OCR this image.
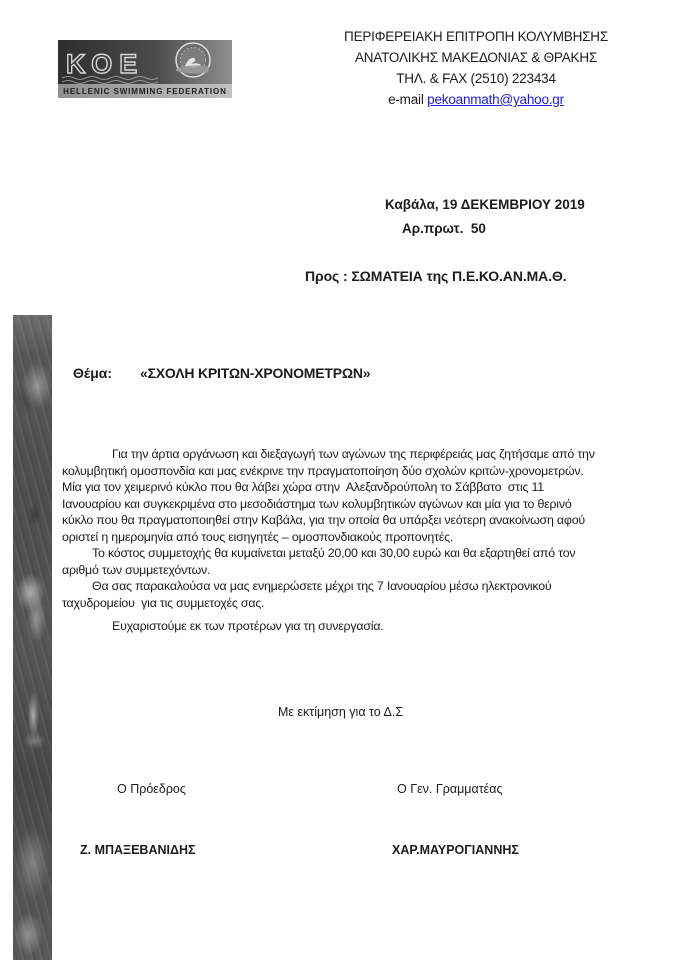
ΚΟΕ
HELLENIC SWIMMING FEDERATION
ΠΕΡΙΦΕΡΕΙΑΚΗ ΕΠΙΤΡΟΠΗ ΚΟΛΥΜΒΗΣΗΣ
ΑΝΑΤΟΛΙΚΗΣ ΜΑΚΕΔΟΝΙΑΣ & ΘΡΑΚΗΣ
ΤΗΛ. & FAX (2510) 223434
e-mail pekoanmath@yahoo.gr
Καβάλα, 19 ΔΕΚΕΜΒΡΙΟΥ 2019
Αρ.πρωτ.  50
Προς : ΣΩΜΑΤΕΙΑ της Π.Ε.ΚΟ.ΑΝ.ΜΑ.Θ.
Θέμα: «ΣΧΟΛΗ ΚΡΙΤΩΝ-ΧΡΟΝΟΜΕΤΡΩΝ»
Για την άρτια οργάνωση και διεξαγωγή των αγώνων της περιφέρειάς μας ζητήσαμε από την
κολυμβητική ομοσπονδία και μας ενέκρινε την πραγματοποίηση δύο σχολών κριτών-χρονομετρών.
Μία για τον χειμερινό κύκλο που θα λάβει χώρα στην  Αλεξανδρούπολη το Σάββατο  στις 11
Ιανουαρίου και συγκεκριμένα στο μεσοδιάστημα των κολυμβητικών αγώνων και μία για το θερινό
κύκλο που θα πραγματοποιηθεί στην Καβάλα, για την οποία θα υπάρξει νεότερη ανακοίνωση αφού
οριστεί η ημερομηνία από τους εισηγητές – ομοσπονδιακούς προπονητές.
Το κόστος συμμετοχής θα κυμαίνεται μεταξύ 20,00 και 30,00 ευρώ και θα εξαρτηθεί από τον
αριθμό των συμμετεχόντων.
Θα σας παρακαλούσα να μας ενημερώσετε μέχρι της 7 Ιανουαρίου μέσω ηλεκτρονικού
ταχυδρομείου  για τις συμμετοχές σας.
Ευχαριστούμε εκ των προτέρων για τη συνεργασία.
Με εκτίμηση για το Δ.Σ
Ο Πρόεδρος	Ο Γεν. Γραμματέας
Ζ. ΜΠΑΞΕΒΑΝΙΔΗΣ	ΧΑΡ.ΜΑΥΡΟΓΙΑΝΝΗΣ
